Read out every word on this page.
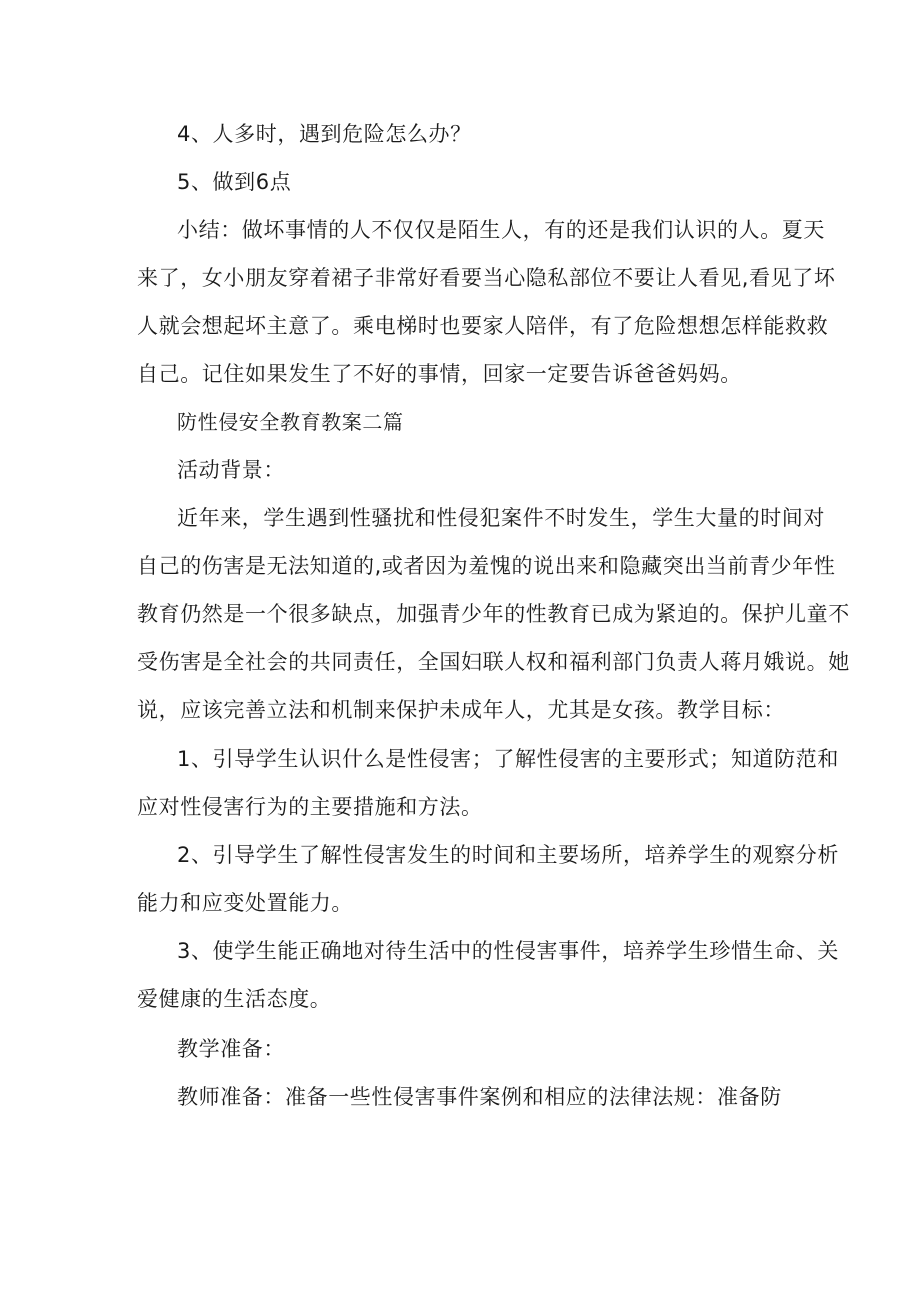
4、人多时，遇到危险怎么办？
5、做到6点
小结：做坏事情的人不仅仅是陌生人，有的还是我们认识的人。夏天
来了，女小朋友穿着裙子非常好看要当心隐私部位不要让人看见,看见了坏
人就会想起坏主意了。乘电梯时也要家人陪伴，有了危险想想怎样能救救
自己。记住如果发生了不好的事情，回家一定要告诉爸爸妈妈。
防性侵安全教育教案二篇
活动背景：
近年来，学生遇到性骚扰和性侵犯案件不时发生，学生大量的时间对
自己的伤害是无法知道的,或者因为羞愧的说出来和隐藏突出当前青少年性
教育仍然是一个很多缺点，加强青少年的性教育已成为紧迫的。保护儿童不
受伤害是全社会的共同责任，全国妇联人权和福利部门负责人蒋月娥说。她
说，应该完善立法和机制来保护未成年人，尤其是女孩。教学目标：
1、引导学生认识什么是性侵害；了解性侵害的主要形式；知道防范和
应对性侵害行为的主要措施和方法。
2、引导学生了解性侵害发生的时间和主要场所，培养学生的观察分析
能力和应变处置能力。
3、使学生能正确地对待生活中的性侵害事件，培养学生珍惜生命、关
爱健康的生活态度。
教学准备：
教师准备：准备一些性侵害事件案例和相应的法律法规：准备防
